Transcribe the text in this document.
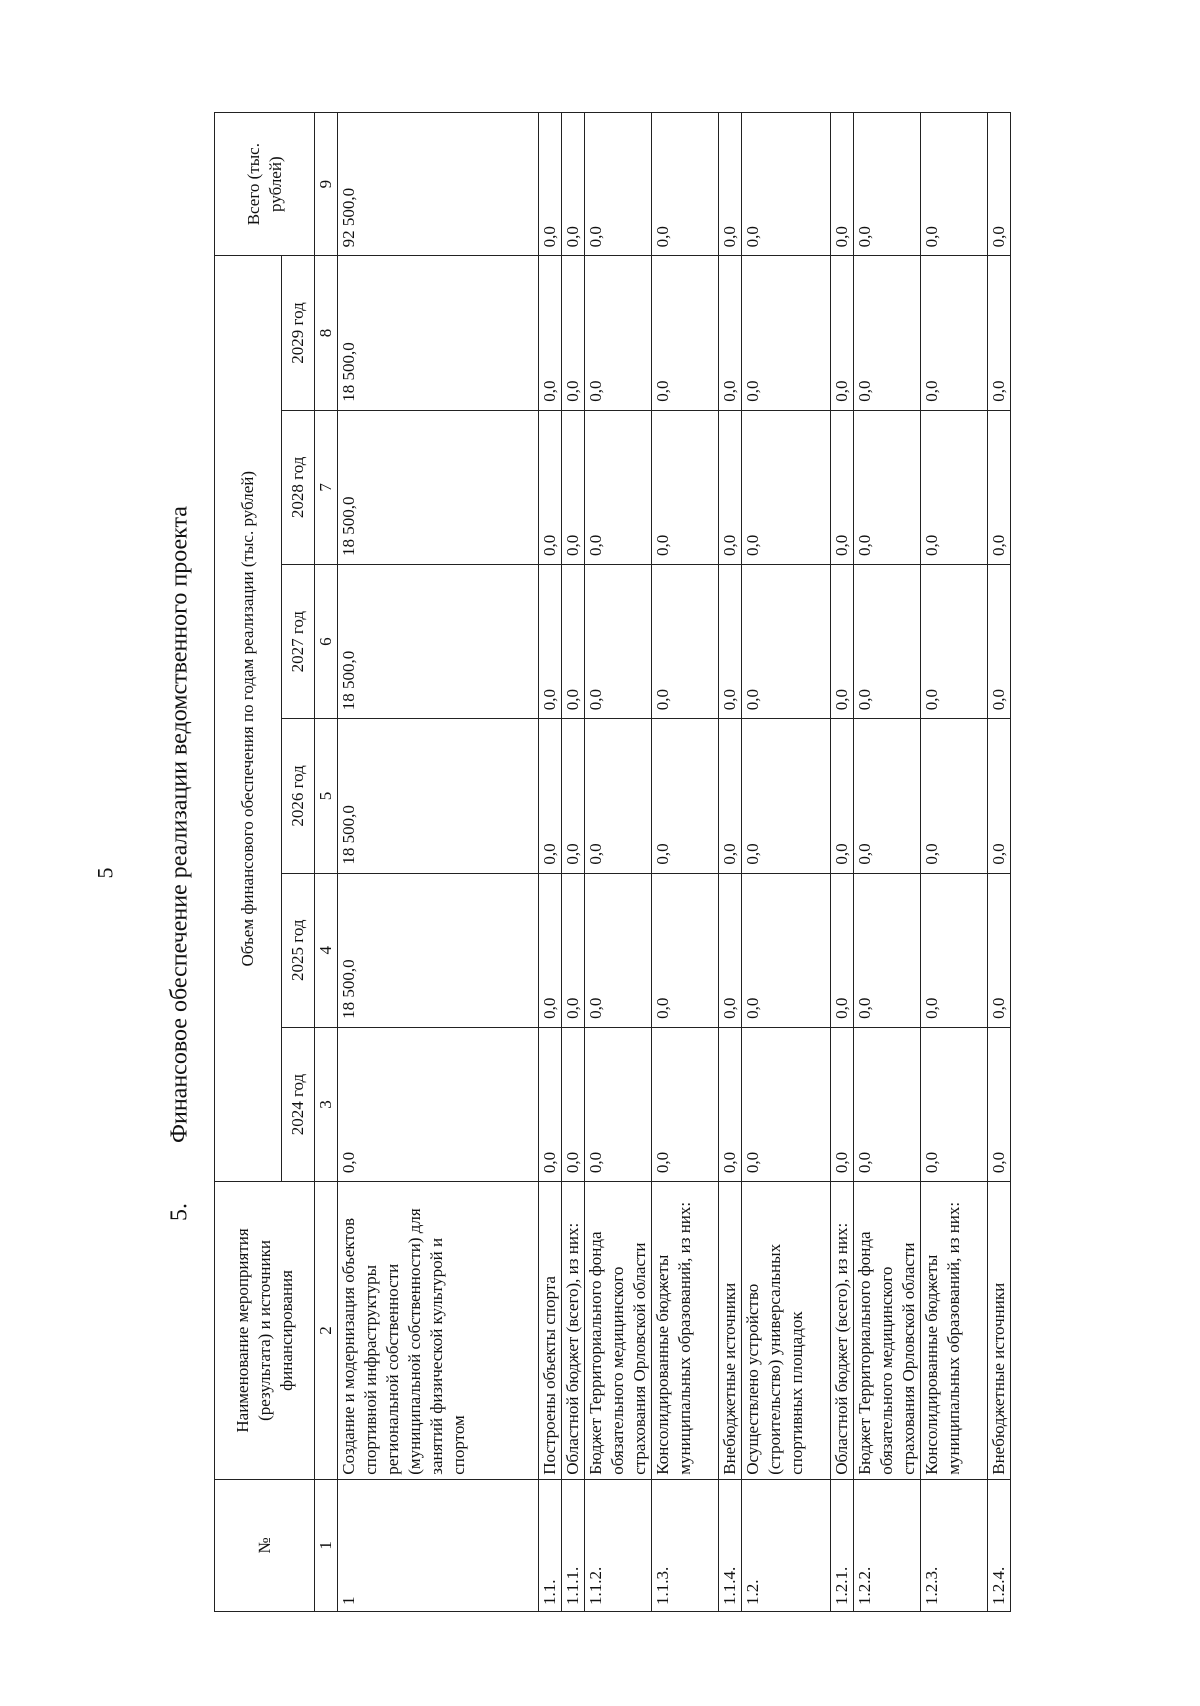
5
5.Финансовое обеспечение реализации ведомственного проекта
№	Наименование мероприятия (результата) и источники финансирования	Объем финансового обеспечения по годам реализации (тыс. рублей)						Всего (тыс. рублей)
		2024 год	2025 год	2026 год	2027 год	2028 год	2029 год	
1	2	3	4	5	6	7	8	9
1	Создание и модернизация объектов спортивной инфраструктуры региональной собственности (муниципальной собственности) для занятий физической культурой и спортом	0,0	18 500,0	18 500,0	18 500,0	18 500,0	18 500,0	92 500,0
1.1.	Построены объекты спорта	0,0	0,0	0,0	0,0	0,0	0,0	0,0
1.1.1.	Областной бюджет (всего), из них:	0,0	0,0	0,0	0,0	0,0	0,0	0,0
1.1.2.	Бюджет Территориального фонда обязательного медицинского страхования Орловской области	0,0	0,0	0,0	0,0	0,0	0,0	0,0
1.1.3.	Консолидированные бюджеты муниципальных образований, из них:	0,0	0,0	0,0	0,0	0,0	0,0	0,0
1.1.4.	Внебюджетные источники	0,0	0,0	0,0	0,0	0,0	0,0	0,0
1.2.	Осуществлено устройство (строительство) универсальных спортивных площадок	0,0	0,0	0,0	0,0	0,0	0,0	0,0
1.2.1.	Областной бюджет (всего), из них:	0,0	0,0	0,0	0,0	0,0	0,0	0,0
1.2.2.	Бюджет Территориального фонда обязательного медицинского страхования Орловской области	0,0	0,0	0,0	0,0	0,0	0,0	0,0
1.2.3.	Консолидированные бюджеты муниципальных образований, из них:	0,0	0,0	0,0	0,0	0,0	0,0	0,0
1.2.4.	Внебюджетные источники	0,0	0,0	0,0	0,0	0,0	0,0	0,0
